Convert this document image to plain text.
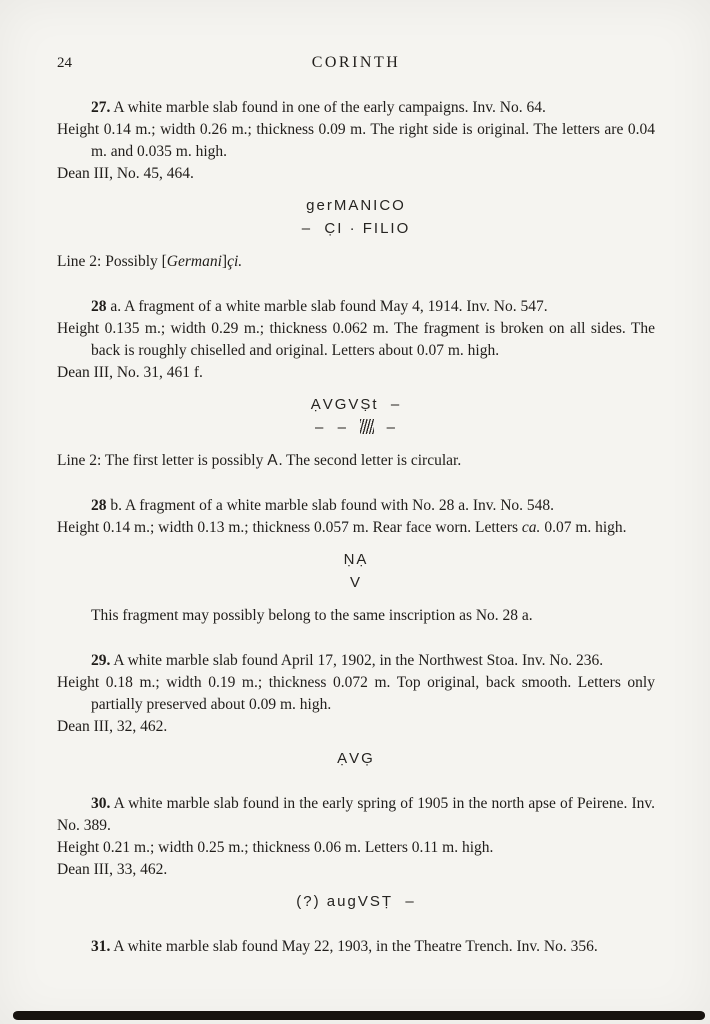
24	CORINTH

27. A white marble slab found in one of the early campaigns. Inv. No. 64.

Height 0.14 m.; width 0.26 m.; thickness 0.09 m. The right side is original. The letters are 0.04 m. and 0.035 m. high.

Dean III, No. 45, 464.

gerMANICO
–  C̣I · FILIO

Line 2: Possibly [Germani]çi.

28 a. A fragment of a white marble slab found May 4, 1914. Inv. No. 547.

Height 0.135 m.; width 0.29 m.; thickness 0.062 m. The fragment is broken on all sides. The back is roughly chiselled and original. Letters about 0.07 m. high.

Dean III, No. 31, 461 f.

ẠVGVṢt  –
–  –    –

Line 2: The first letter is possibly A. The second letter is circular.

28 b. A fragment of a white marble slab found with No. 28 a. Inv. No. 548.

Height 0.14 m.; width 0.13 m.; thickness 0.057 m. Rear face worn. Letters ca. 0.07 m. high.

ṆẠ
V

This fragment may possibly belong to the same inscription as No. 28 a.

29. A white marble slab found April 17, 1902, in the Northwest Stoa. Inv. No. 236.

Height 0.18 m.; width 0.19 m.; thickness 0.072 m. Top original, back smooth. Letters only partially preserved about 0.09 m. high.

Dean III, 32, 462.

ẠVG̣

30. A white marble slab found in the early spring of 1905 in the north apse of Peirene. Inv. No. 389.

Height 0.21 m.; width 0.25 m.; thickness 0.06 m. Letters 0.11 m. high.

Dean III, 33, 462.

(?) augVSṬ  –

31. A white marble slab found May 22, 1903, in the Theatre Trench. Inv. No. 356.
